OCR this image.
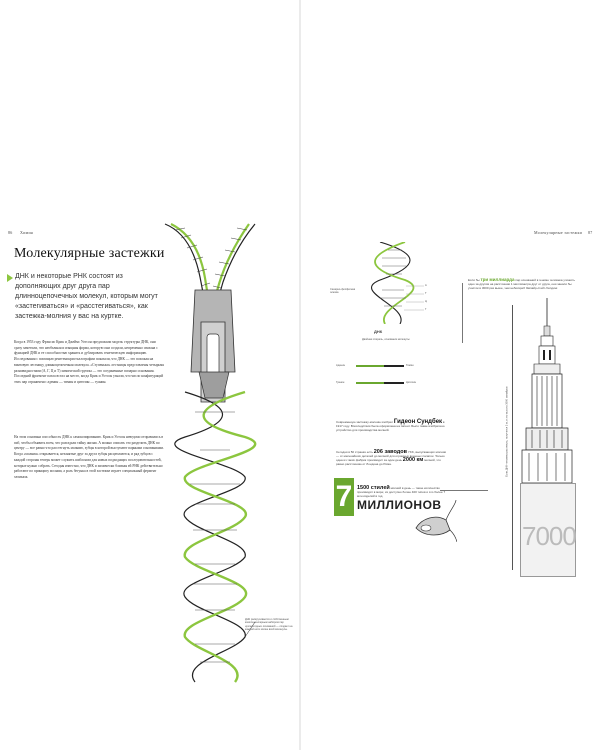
86 Химия
Молекулярные застежки
ДНК и некоторые РНК состоят из дополняющих друг друга пар длинноцепочечных молекул, которым могут «застегиваться» и «расстегиваться», как застежка-молния у вас на куртке.
Когда в 1953 году Фрэнсис Крик и Джеймс Уотсон предложили модель структуры ДНК, они сразу заметили, что необычная и изящная форма, которую они создали, непременно связана с функцией ДНК и ее способностью хранить и дублировать генетическую информацию. Исследования с помощью рентгенокристаллографии показали, что ДНК — это похожая на винтовую лестницу длинноцепочечная молекула. «Ступеньки» лестницы представлены четырьмя разновидностями (A, Г, Ц и Т) химической группы — это соединенные попарно основания. Последний фрагмент пазла встал на место, когда Крик и Уотсон узнали, что число конфигураций этих пар ограничено: аденин — тимин и цитозин — гуанин.
На этом основана способность ДНК к самокопированию. Крик и Уотсон неведомо отправились в паб, чтобы объявить всем, что разгадали тайну жизни. А можно описать это разделить ДНК по центру — все равно что расстегнуть молнию, зубцы в которой выступают парными основаниями. Когда «молния» открывается, незанятые друг за друга зубцы расцепляются, и ряд зубцов с каждой стороны теперь может служить шаблоном для новых подходящих последовательностей, которые нужно собрать. Сегодня известно, что ДНК и химически близкая ей РНК действительно работают по принципу молнии, а роль бегунка в этой застежке играет специальный фермент хеликаза.
ДНК раскручивается и собственным комплементарным набором пар нуклеотидных оснований — создает на каждой нити копию всей молекулы.
Молекулярные застежки 87
А
Т
Ц
Г
Сахарно-фосфатная основа
ДНК
Двойная спираль, основания молекулы
Аденин	Тимин
Гуанин	Цитозин
Если бы три миллиарда пар оснований в геноме человека уложить одно за другим на расстоянии 1 миллиметра друг от друга, они заняли бы участок в 3000 раз выше, чем небоскреб Эмпайр-стейт-билдинг.
Если ДНК человека растянуть, получится 2 м, и это высота 3000 эмпайров
7000
Современную застежку-молнию изобрел Гидеон Сундбек в 1917 году. Впоследствии была оформлена на патент. Было также изобретено устройство для производства молний.
Сегодня в 50 странах есть 206 заводов YKK, выпускающих молнии — от мельчайших деталей до молний для огромных военных палаток. Только одна из таких фабрик производит за один день 2000 км молний, что равно расстоянию от Лондона до Рима.
7 МИЛЛИОНОВ
1500 стилей молний в день — такое количество производят в мире; их доступно более 400 типов и это более 7 млн изделий в год.
